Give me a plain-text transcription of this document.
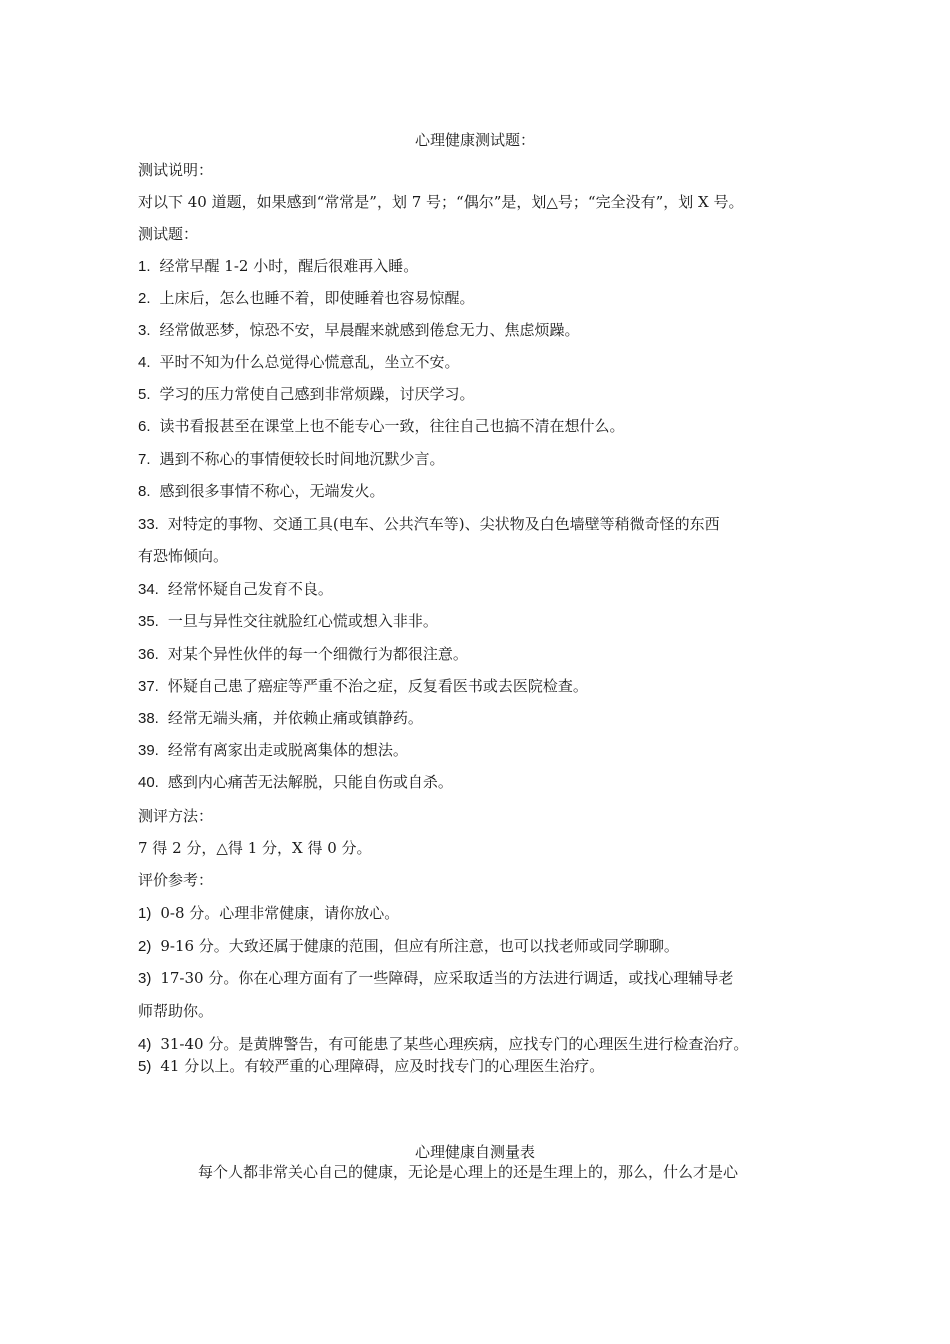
心理健康测试题：
测试说明：
对以下 40 道题，如果感到“常常是”，划 7 号；“偶尔”是，划△号；“完全没有”，划 X 号。
测试题：
1. 经常早醒 1-2 小时，醒后很难再入睡。
2. 上床后，怎么也睡不着，即使睡着也容易惊醒。
3. 经常做恶梦，惊恐不安，早晨醒来就感到倦怠无力、焦虑烦躁。
4. 平时不知为什么总觉得心慌意乱，坐立不安。
5. 学习的压力常使自己感到非常烦躁，讨厌学习。
6. 读书看报甚至在课堂上也不能专心一致，往往自己也搞不清在想什么。
7. 遇到不称心的事情便较长时间地沉默少言。
8. 感到很多事情不称心，无端发火。
33. 对特定的事物、交通工具(电车、公共汽车等)、尖状物及白色墙壁等稍微奇怪的东西
有恐怖倾向。
34. 经常怀疑自己发育不良。
35. 一旦与异性交往就脸红心慌或想入非非。
36. 对某个异性伙伴的每一个细微行为都很注意。
37. 怀疑自己患了癌症等严重不治之症，反复看医书或去医院检查。
38. 经常无端头痛，并依赖止痛或镇静药。
39. 经常有离家出走或脱离集体的想法。
40. 感到内心痛苦无法解脱，只能自伤或自杀。
测评方法：
7 得 2 分，△得 1 分，X 得 0 分。
评价参考：
1) 0-8 分。心理非常健康，请你放心。
2) 9-16 分。大致还属于健康的范围，但应有所注意，也可以找老师或同学聊聊。
3) 17-30 分。你在心理方面有了一些障碍，应采取适当的方法进行调适，或找心理辅导老
师帮助你。
4) 31-40 分。是黄牌警告，有可能患了某些心理疾病，应找专门的心理医生进行检查治疗。
5) 41 分以上。有较严重的心理障碍，应及时找专门的心理医生治疗。
心理健康自测量表
每个人都非常关心自己的健康，无论是心理上的还是生理上的，那么，什么才是心
